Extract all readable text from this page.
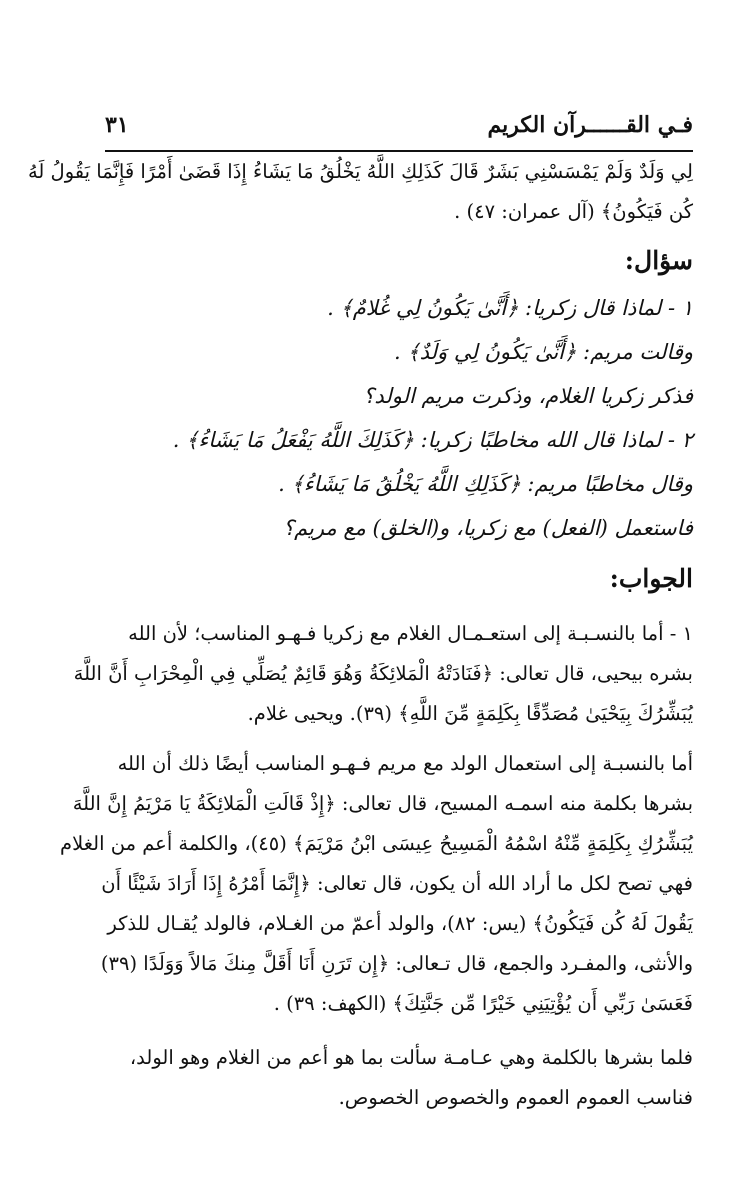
فـي القــــــرآن الكريم
٣١
لِي وَلَدٌ وَلَمْ يَمْسَسْنِي بَشَرٌ قَالَ كَذَلِكِ اللَّهُ يَخْلُقُ مَا يَشَاءُ إِذَا قَضَىٰ أَمْرًا فَإِنَّمَا يَقُولُ لَهُ
كُن فَيَكُونُ﴾ (آل عمران: ٤٧) .
سؤال:
١ - لماذا قال زكريا: ﴿أَنَّىٰ يَكُونُ لِي غُلامٌ﴾ .
وقالت مريم: ﴿أَنَّىٰ يَكُونُ لِي وَلَدٌ﴾ .
فذكر زكريا الغلام، وذكرت مريم الولد؟
٢ - لماذا قال الله مخاطبًا زكريا: ﴿كَذَلِكَ اللَّهُ يَفْعَلُ مَا يَشَاءُ﴾ .
وقال مخاطبًا مريم: ﴿كَذَلِكِ اللَّهُ يَخْلُقُ مَا يَشَاءُ﴾ .
فاستعمل (الفعل) مع زكريا، و(الخلق) مع مريم؟
الجواب:
١ - أما بالنسـبـة إلى استعـمـال الغلام مع زكريا فـهـو المناسب؛ لأن الله
بشره بيحيى، قال تعالى: ﴿فَنَادَتْهُ الْمَلائِكَةُ وَهُوَ قَائِمٌ يُصَلِّي فِي الْمِحْرَابِ أَنَّ اللَّهَ
يُبَشِّرُكَ بِيَحْيَىٰ مُصَدِّقًا بِكَلِمَةٍ مِّنَ اللَّهِ﴾ (٣٩). ويحيى غلام.
أما بالنسبـة إلى استعمال الولد مع مريم فـهـو المناسب أيضًا ذلك أن الله
بشرها بكلمة منه اسمـه المسيح، قال تعالى: ﴿إِذْ قَالَتِ الْمَلائِكَةُ يَا مَرْيَمُ إِنَّ اللَّهَ
يُبَشِّرُكِ بِكَلِمَةٍ مِّنْهُ اسْمُهُ الْمَسِيحُ عِيسَى ابْنُ مَرْيَمَ﴾ (٤٥)، والكلمة أعم من الغلام
فهي تصح لكل ما أراد الله أن يكون، قال تعالى: ﴿إِنَّمَا أَمْرُهُ إِذَا أَرَادَ شَيْئًا أَن
يَقُولَ لَهُ كُن فَيَكُونُ﴾ (يس: ٨٢)، والولد أعمّ من الغـلام، فالولد يُقـال للذكر
والأنثى، والمفـرد والجمع، قال تـعالى: ﴿إِن تَرَنِ أَنَا أَقَلَّ مِنكَ مَالاً وَوَلَدًا (٣٩)
فَعَسَىٰ رَبِّي أَن يُؤْتِيَنِي خَيْرًا مِّن جَنَّتِكَ﴾ (الكهف: ٣٩) .
فلما بشرها بالكلمة وهي عـامـة سألت بما هو أعم من الغلام وهو الولد،
فناسب العموم العموم والخصوص الخصوص.
